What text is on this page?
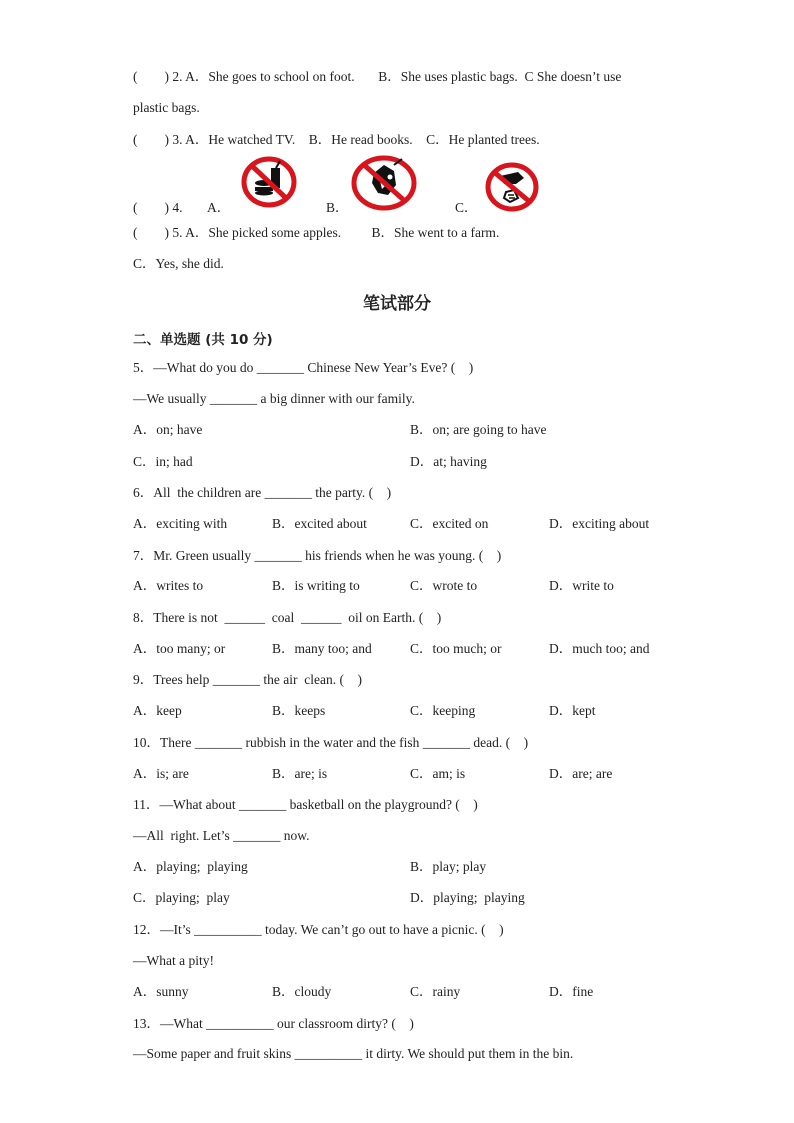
(        ) 2. A．She goes to school on foot.       B．She uses plastic bags.  C She doesn’t use
plastic bags.
(        ) 3. A．He watched TV.    B．He read books.    C．He planted trees.
(        ) 4. A．	B．	C．
(        ) 5. A．She picked some apples.         B．She went to a farm.
C．Yes, she did.
笔试部分
二、单选题 (共 10 分)
5．—What do you do _______ Chinese New Year’s Eve? (    )
—We usually _______ a big dinner with our family.
A．on; have	B．on; are going to have
C．in; had	D．at; having
6．All  the children are _______ the party. (    )
A．exciting with	B．excited about	C．excited on	D．exciting about
7．Mr. Green usually _______ his friends when he was young. (    )
A．writes to	B．is writing to	C．wrote to	D．write to
8．There is not  ______  coal  ______  oil on Earth. (    )
A．too many; or	B．many too; and	C．too much; or	D．much too; and
9．Trees help _______ the air  clean. (    )
A．keep	B．keeps	C．keeping	D．kept
10．There _______ rubbish in the water and the fish _______ dead. (    )
A．is; are	B．are; is	C．am; is	D．are; are
11．—What about _______ basketball on the playground? (    )
—All  right. Let’s _______ now.
A．playing;  playing	B．play; play
C．playing;  play	D．playing;  playing
12．—It’s __________ today. We can’t go out to have a picnic. (    )
—What a pity!
A．sunny	B．cloudy	C．rainy	D．fine
13．—What __________ our classroom dirty? (    )
—Some paper and fruit skins __________ it dirty. We should put them in the bin.
